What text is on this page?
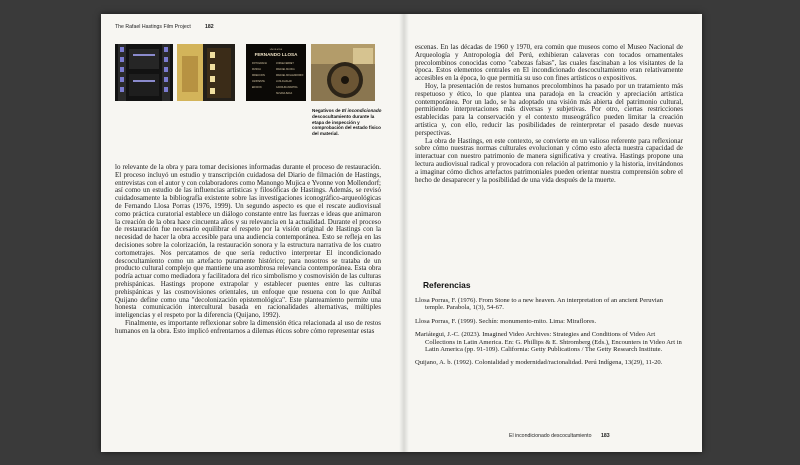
The Rafael Hastings Film Project	182
UN FILM DE
FERNANDO LLOSA
FOTOGRAFIA
MUSICA
DIRECCION
ASISTENTE
EDICION
JORGE FERRET
MANUEL MUJICA
MANUEL MOLLENDORFF
LUIS AGUILAR
CAROLINA BARTRA
SUSANA BACA
Negativos de El incondicionado descocultamiento durante la etapa de inspección y comprobación del estado físico del material.

lo relevante de la obra y para tomar decisiones informadas durante el proceso de restauración. El proceso incluyó un estudio y transcripción cuidadosa del Diario de filmación de Hastings, entrevistas con el autor y con colaboradores como Manongo Mujica e Yvonne von Mollendorf; así como un estudio de las influencias artísticas y filosóficas de Hastings. Además, se revisó cuidadosamente la bibliografía existente sobre las investigaciones iconográfico-arqueológicas de Fernando Llosa Porras (1976, 1999). Un segundo aspecto es que el rescate audiovisual como práctica curatorial establece un diálogo constante entre las fuerzas e ideas que animaron la creación de la obra hace cincuenta años y su relevancia en la actualidad. Durante el proceso de restauración fue necesario equilibrar el respeto por la visión original de Hastings con la necesidad de hacer la obra accesible para una audiencia contemporánea. Esto se refleja en las decisiones sobre la colorización, la restauración sonora y la estructura narrativa de los cuatro cortometrajes. Nos percatamos de que sería reductivo interpretar El incondicionado descocultamiento como un artefacto puramente histórico; para nosotros se trataba de un producto cultural complejo que mantiene una asombrosa relevancia contemporánea. Esta obra podría actuar como mediadora y facilitadora del rico simbolismo y cosmovisión de las culturas prehispánicas. Hastings propone extrapolar y establecer puentes entre las culturas prehispánicas y las cosmovisiones orientales, un enfoque que resuena con lo que Aníbal Quijano define como una "decolonización epistemológica". Este planteamiento permite una honesta comunicación intercultural basada en racionalidades alternativas, múltiples inteligencias y el respeto por la diferencia (Quijano, 1992).

Finalmente, es importante reflexionar sobre la dimensión ética relacionada al uso de restos humanos en la obra. Esto implicó enfrentarnos a dilemas éticos sobre cómo representar estas

escenas. En las décadas de 1960 y 1970, era común que museos como el Museo Nacional de Arqueología y Antropología del Perú, exhibieran calaveras con tocados ornamentales precolombinos conocidas como "cabezas falsas", las cuales fascinaban a los visitantes de la época. Estos elementos centrales en El incondicionado descocultamiento eran relativamente accesibles en la época, lo que permitía su uso con fines artísticos o expositivos.

Hoy, la presentación de restos humanos precolombinos ha pasado por un tratamiento más respetuoso y ético, lo que plantea una paradoja en la creación y apreciación artística contemporánea. Por un lado, se ha adoptado una visión más abierta del patrimonio cultural, permitiendo interpretaciones más diversas y subjetivas. Por otro, ciertas restricciones establecidas para la conservación y el contexto museográfico pueden limitar la creación artística y, con ello, reducir las posibilidades de reinterpretar el pasado desde nuevas perspectivas.

La obra de Hastings, en este contexto, se convierte en un valioso referente para reflexionar sobre cómo nuestras normas culturales evolucionan y cómo esto afecta nuestra capacidad de interactuar con nuestro patrimonio de manera significativa y creativa. Hastings propone una lectura audiovisual radical y provocadora con relación al patrimonio y la historia, invitándonos a imaginar cómo dichos artefactos patrimoniales pueden orientar nuestra comprensión sobre el hecho de desaparecer y la posibilidad de una vida después de la muerte.

Referencias
Llosa Porras, F. (1976). From Stone to a new heaven. An interpretation of an ancient Peruvian temple. Parabola, 1(3), 54-67.
Llosa Porras, F. (1999). Sechín: monumento-mito. Lima: Miraflores.
Mariátegui, J.-C. (2023). Imagined Video Archives: Strategies and Conditions of Video Art Collections in Latin America. En: G. Phillips & E. Shtromberg (Eds.), Encounters in Video Art in Latin America (pp. 91-109). California: Getty Publications / The Getty Research Institute.
Quijano, A. b. (1992). Colonialidad y modernidad/racionalidad. Perú Indígena, 13(29), 11-20.
El incondicionado descocultamiento 183
